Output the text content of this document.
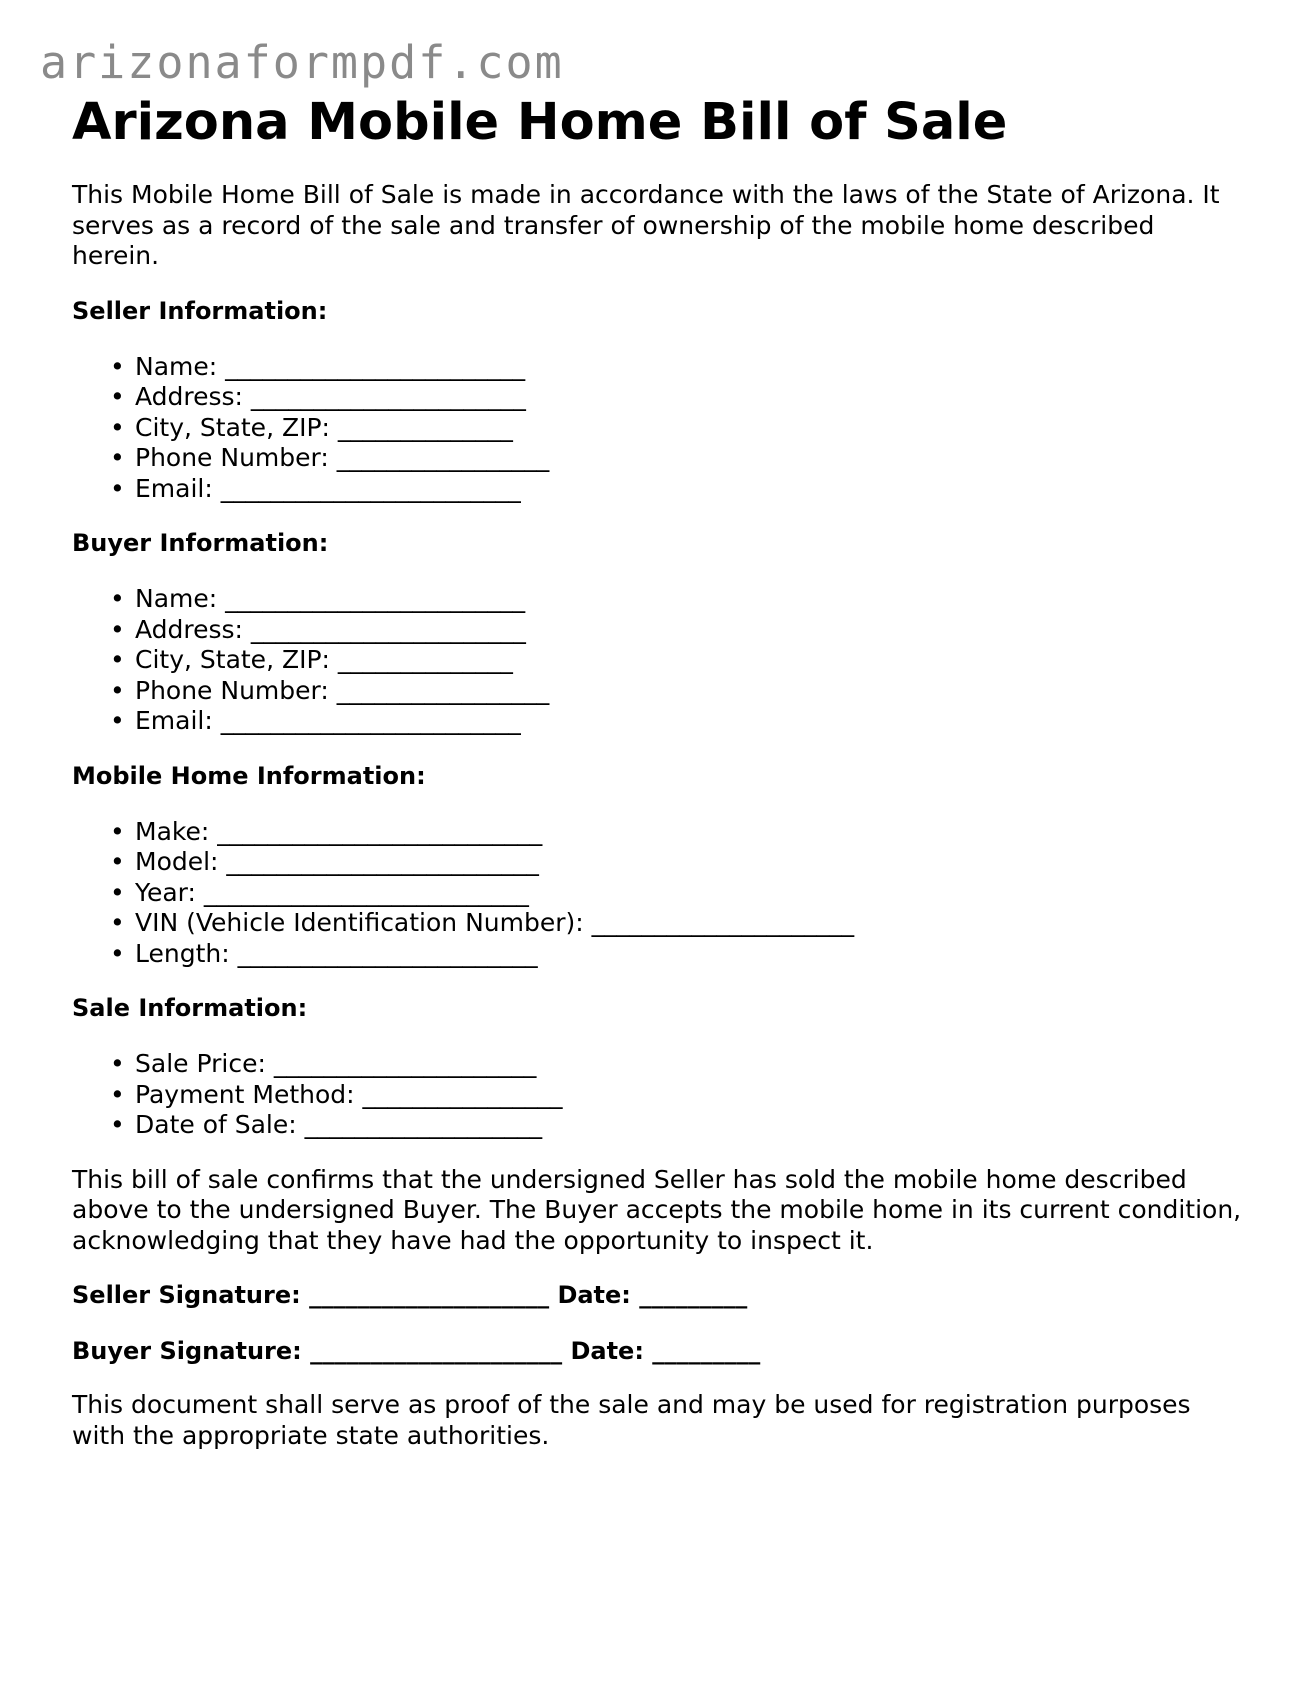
arizonaformpdf.com
Arizona Mobile Home Bill of Sale

This Mobile Home Bill of Sale is made in accordance with the laws of the State of Arizona. It serves as a record of the sale and transfer of ownership of the mobile home described herein.

Seller Information:
• Name: ________________________
• Address: ______________________
• City, State, ZIP: ______________
• Phone Number: _________________
• Email: ________________________
Buyer Information:
• Name: ________________________
• Address: ______________________
• City, State, ZIP: ______________
• Phone Number: _________________
• Email: ________________________
Mobile Home Information:
• Make: __________________________
• Model: _________________________
• Year: __________________________
• VIN (Vehicle Identification Number): _____________________
• Length: ________________________
Sale Information:
• Sale Price: _____________________
• Payment Method: ________________
• Date of Sale: ___________________

This bill of sale confirms that the undersigned Seller has sold the mobile home described above to the undersigned Buyer. The Buyer accepts the mobile home in its current condition, acknowledging that they have had the opportunity to inspect it.

Seller Signature: ____________________ Date: _________
Buyer Signature: _____________________ Date: _________

This document shall serve as proof of the sale and may be used for registration purposes with the appropriate state authorities.
